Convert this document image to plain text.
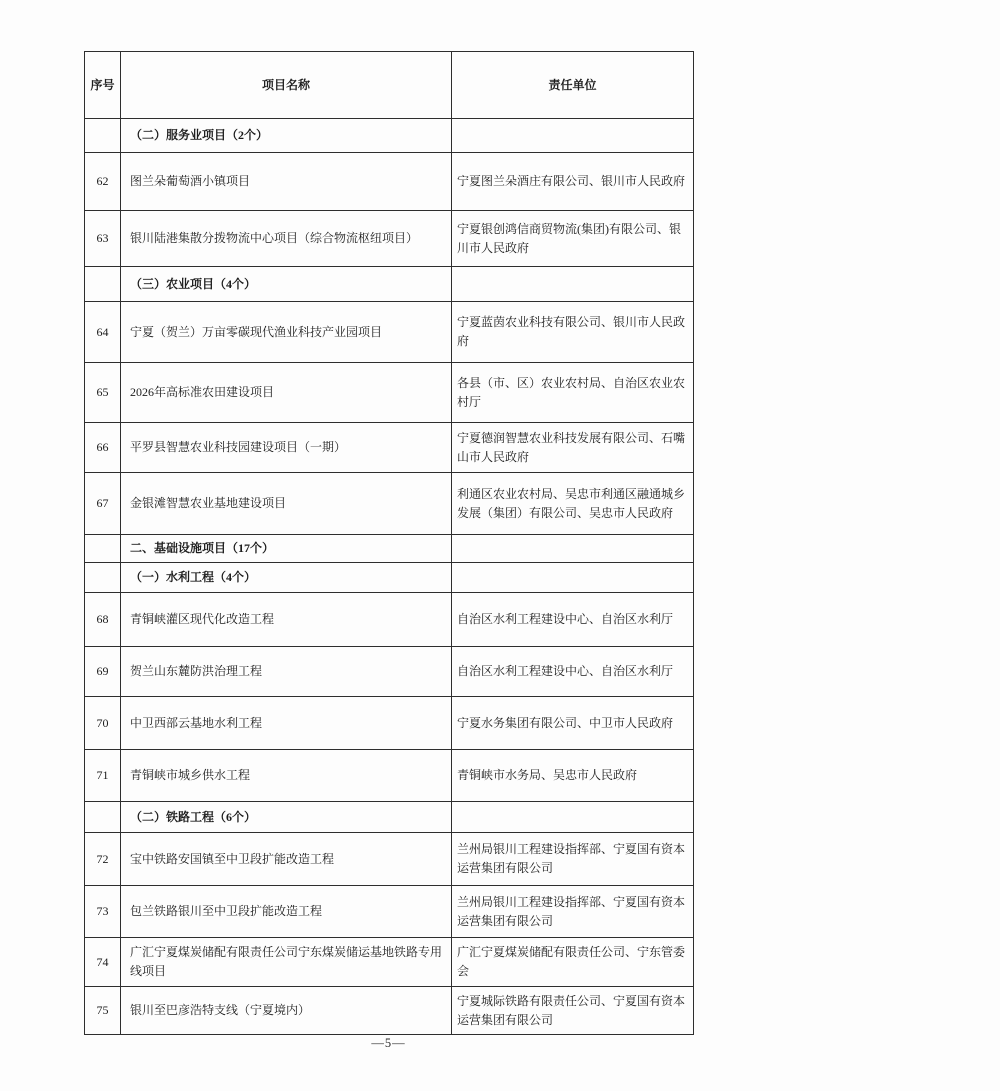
序号	项目名称	责任单位
	（二）服务业项目（2个）	
62	图兰朵葡萄酒小镇项目	宁夏图兰朵酒庄有限公司、银川市人民政府
63	银川陆港集散分拨物流中心项目（综合物流枢纽项目）	宁夏银创鸿信商贸物流(集团)有限公司、银川市人民政府
	（三）农业项目（4个）	
64	宁夏（贺兰）万亩零碳现代渔业科技产业园项目	宁夏蓝茵农业科技有限公司、银川市人民政府
65	2026年高标准农田建设项目	各县（市、区）农业农村局、自治区农业农村厅
66	平罗县智慧农业科技园建设项目（一期）	宁夏德润智慧农业科技发展有限公司、石嘴山市人民政府
67	金银滩智慧农业基地建设项目	利通区农业农村局、吴忠市利通区融通城乡发展（集团）有限公司、吴忠市人民政府
	二、基础设施项目（17个）	
	（一）水利工程（4个）	
68	青铜峡灌区现代化改造工程	自治区水利工程建设中心、自治区水利厅
69	贺兰山东麓防洪治理工程	自治区水利工程建设中心、自治区水利厅
70	中卫西部云基地水利工程	宁夏水务集团有限公司、中卫市人民政府
71	青铜峡市城乡供水工程	青铜峡市水务局、吴忠市人民政府
	（二）铁路工程（6个）	
72	宝中铁路安国镇至中卫段扩能改造工程	兰州局银川工程建设指挥部、宁夏国有资本运营集团有限公司
73	包兰铁路银川至中卫段扩能改造工程	兰州局银川工程建设指挥部、宁夏国有资本运营集团有限公司
74	广汇宁夏煤炭储配有限责任公司宁东煤炭储运基地铁路专用线项目	广汇宁夏煤炭储配有限责任公司、宁东管委会
75	银川至巴彦浩特支线（宁夏境内）	宁夏城际铁路有限责任公司、宁夏国有资本运营集团有限公司
—5—
